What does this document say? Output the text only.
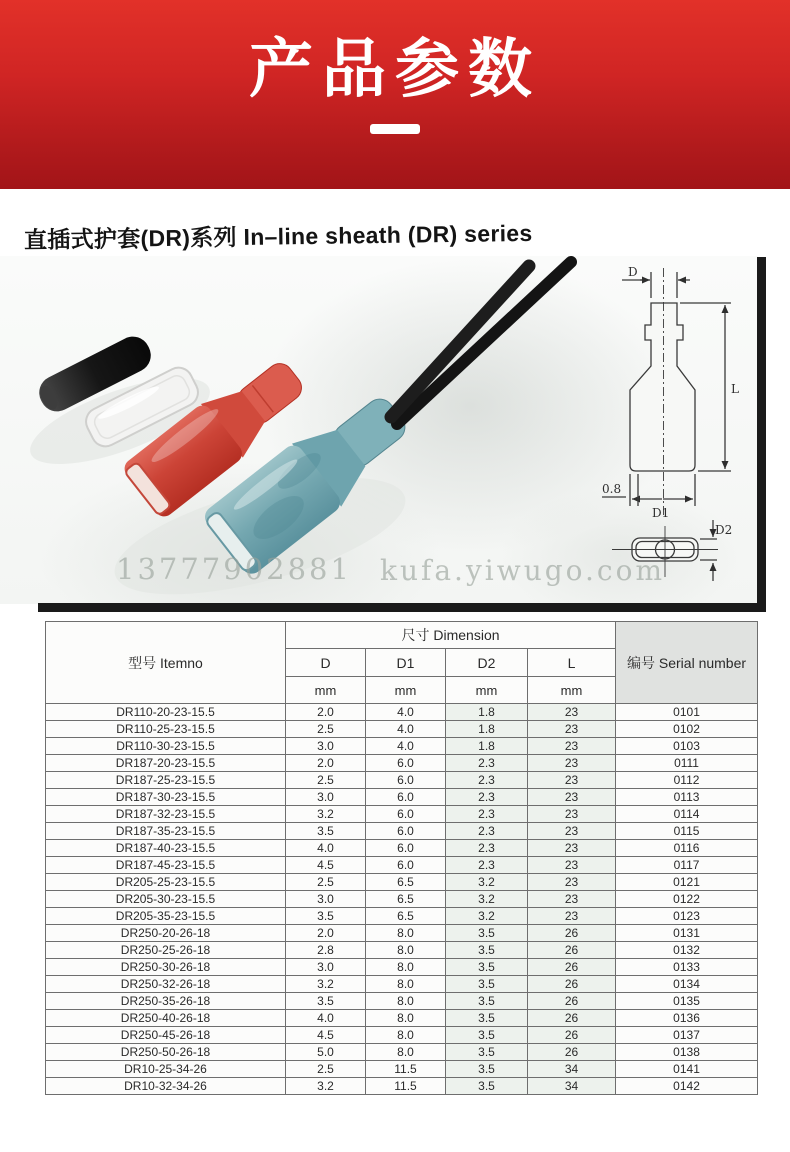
产品参数
直插式护套(DR)系列 In–line sheath (DR) series
D
L
D1
0.8
D2
13777902881 kufa.yiwugo.com
型号 Itemno	尺寸 Dimension				编号 Serial number
	D	D1	D2	L	
	mm	mm	mm	mm	
DR110-20-23-15.5	2.0	4.0	1.8	23	0101
DR110-25-23-15.5	2.5	4.0	1.8	23	0102
DR110-30-23-15.5	3.0	4.0	1.8	23	0103
DR187-20-23-15.5	2.0	6.0	2.3	23	0111
DR187-25-23-15.5	2.5	6.0	2.3	23	0112
DR187-30-23-15.5	3.0	6.0	2.3	23	0113
DR187-32-23-15.5	3.2	6.0	2.3	23	0114
DR187-35-23-15.5	3.5	6.0	2.3	23	0115
DR187-40-23-15.5	4.0	6.0	2.3	23	0116
DR187-45-23-15.5	4.5	6.0	2.3	23	0117
DR205-25-23-15.5	2.5	6.5	3.2	23	0121
DR205-30-23-15.5	3.0	6.5	3.2	23	0122
DR205-35-23-15.5	3.5	6.5	3.2	23	0123
DR250-20-26-18	2.0	8.0	3.5	26	0131
DR250-25-26-18	2.8	8.0	3.5	26	0132
DR250-30-26-18	3.0	8.0	3.5	26	0133
DR250-32-26-18	3.2	8.0	3.5	26	0134
DR250-35-26-18	3.5	8.0	3.5	26	0135
DR250-40-26-18	4.0	8.0	3.5	26	0136
DR250-45-26-18	4.5	8.0	3.5	26	0137
DR250-50-26-18	5.0	8.0	3.5	26	0138
DR10-25-34-26	2.5	11.5	3.5	34	0141
DR10-32-34-26	3.2	11.5	3.5	34	0142
